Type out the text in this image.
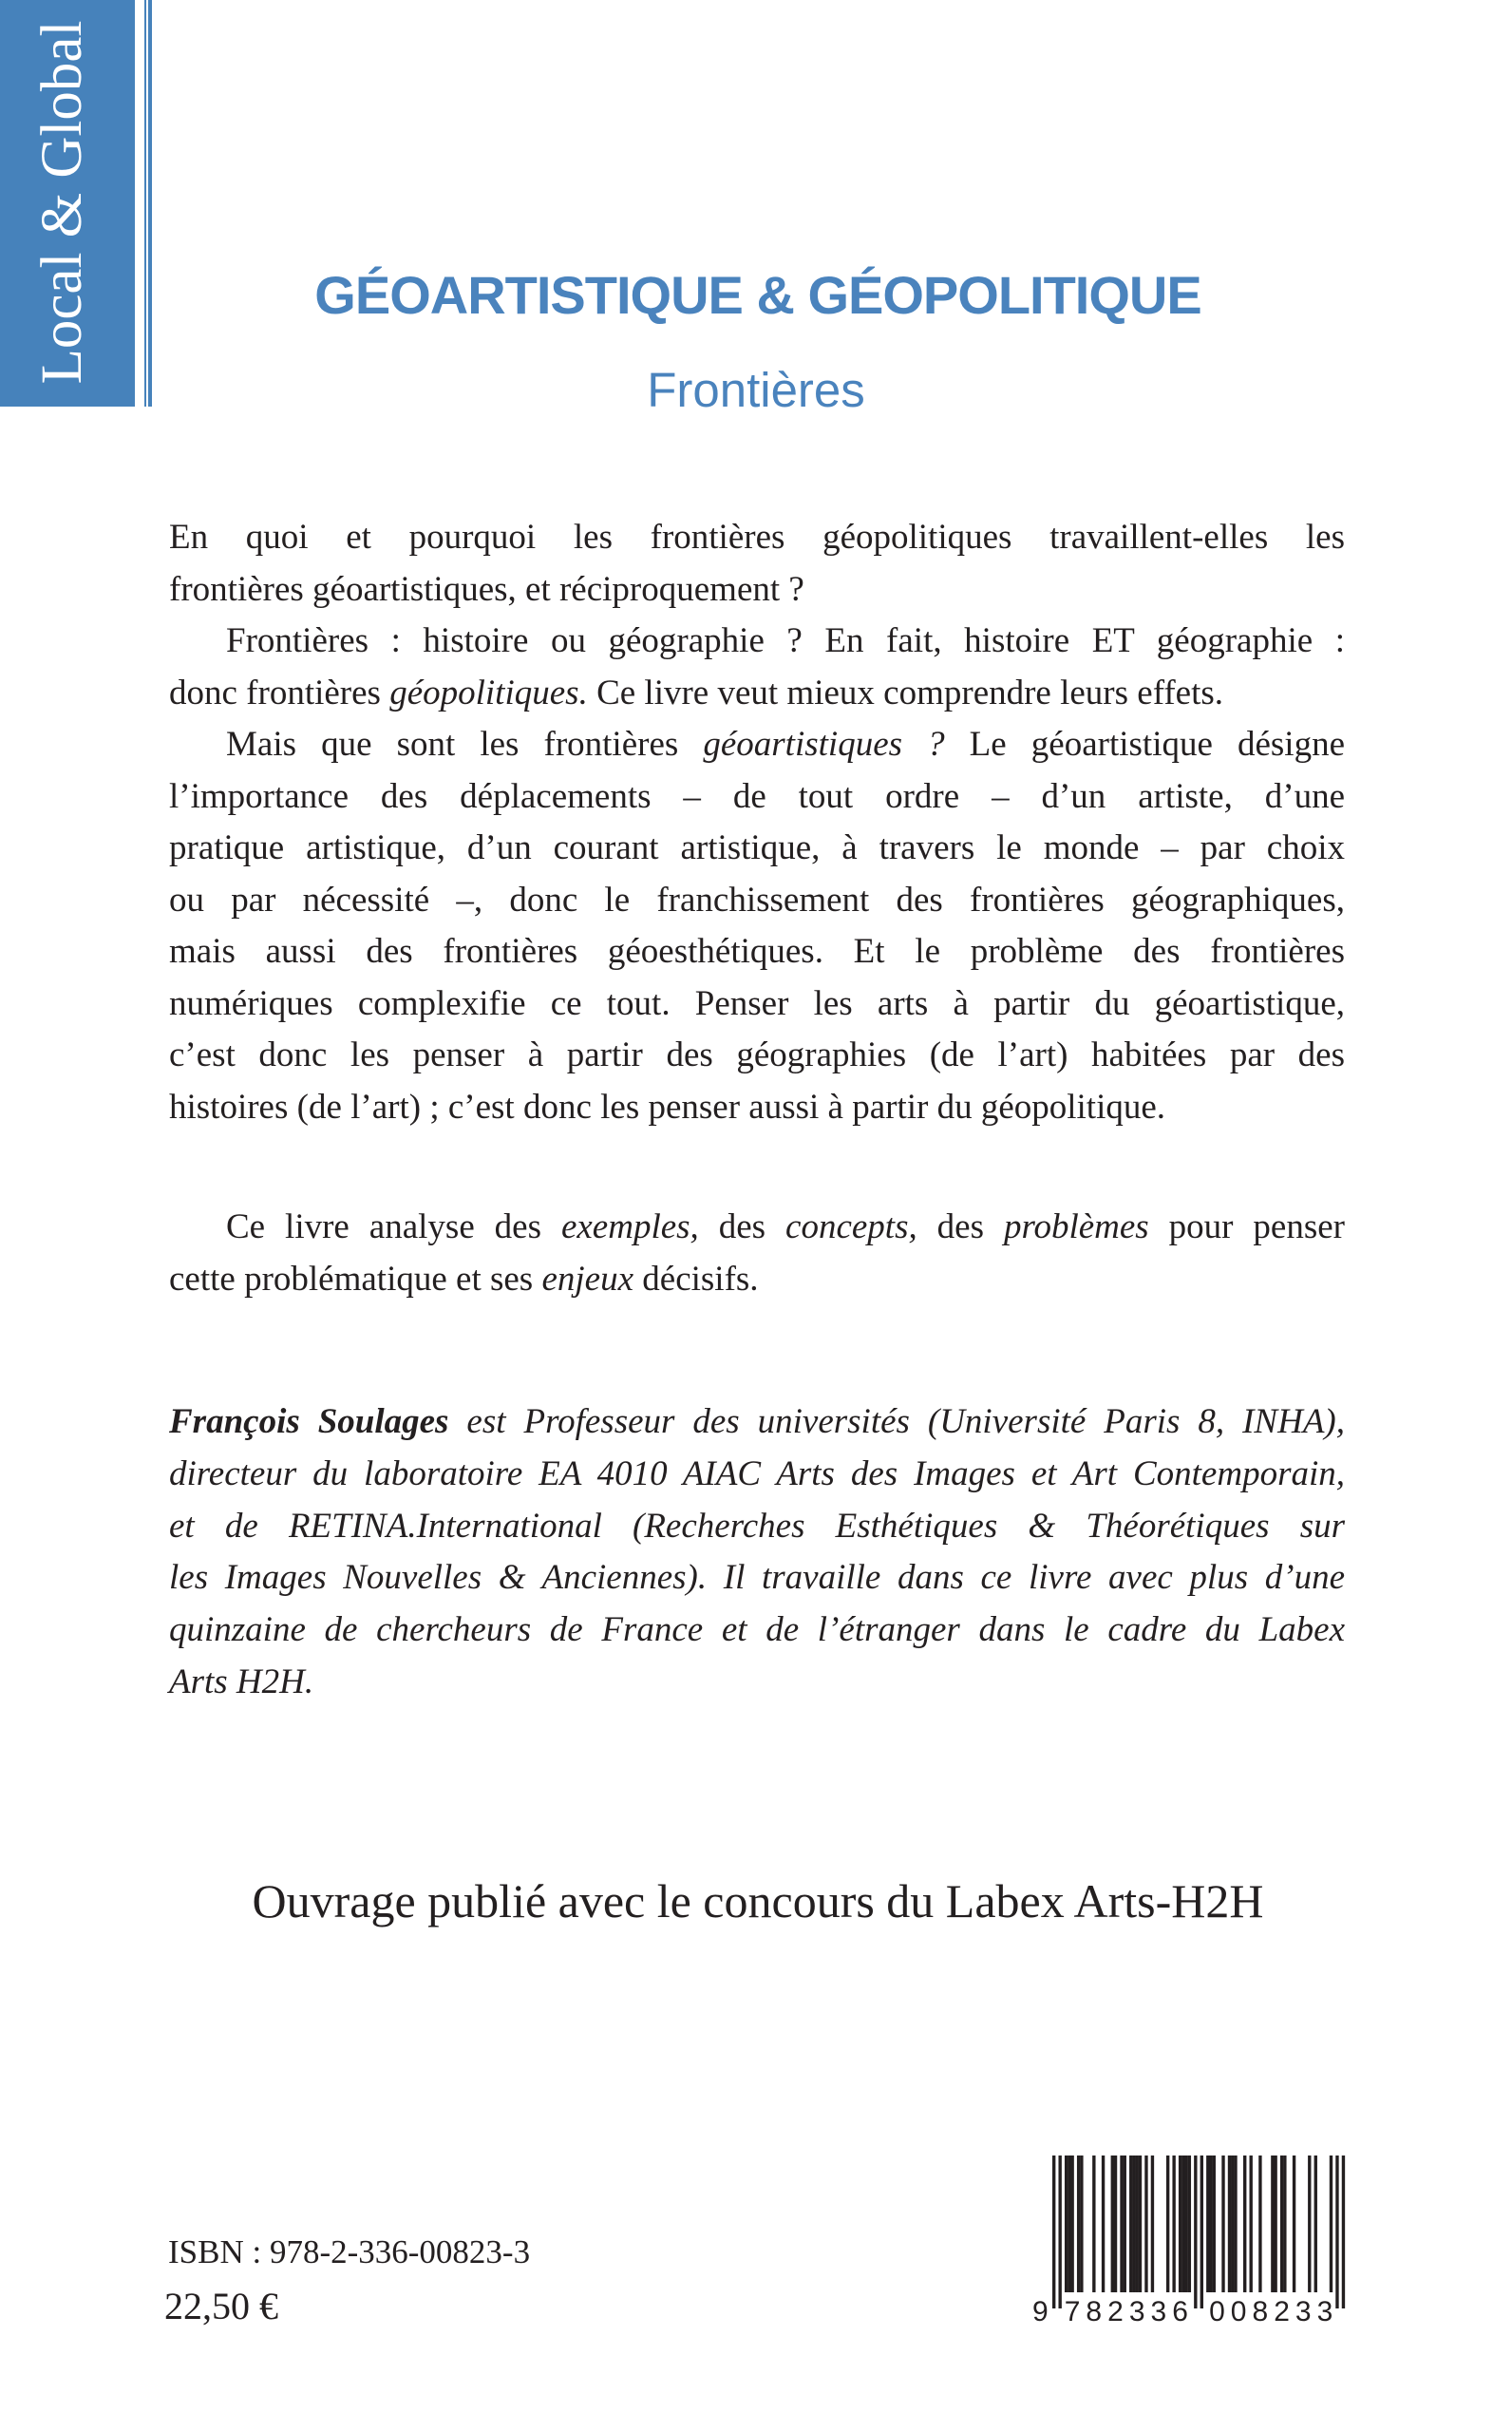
Local & Global	GÉOARTISTIQUE & GÉOPOLITIQUE
Frontières
En quoi et pourquoi les frontières géopolitiques travaillent-elles les
frontières géoartistiques, et réciproquement ?
Frontières : histoire ou géographie ? En fait, histoire ET géographie :
donc frontières géopolitiques. Ce livre veut mieux comprendre leurs effets.
Mais que sont les frontières géoartistiques ? Le géoartistique désigne
l’importance des déplacements – de tout ordre – d’un artiste, d’une
pratique artistique, d’un courant artistique, à travers le monde – par choix
ou par nécessité –, donc le franchissement des frontières géographiques,
mais aussi des frontières géoesthétiques. Et le problème des frontières
numériques complexifie ce tout. Penser les arts à partir du géoartistique,
c’est donc les penser à partir des géographies (de l’art) habitées par des
histoires (de l’art) ; c’est donc les penser aussi à partir du géopolitique.
Ce livre analyse des exemples, des concepts, des problèmes pour penser
cette problématique et ses enjeux décisifs.
François Soulages est Professeur des universités (Université Paris 8, INHA),
directeur du laboratoire EA 4010 AIAC Arts des Images et Art Contemporain,
et de RETINA.International (Recherches Esthétiques & Théorétiques sur
les Images Nouvelles & Anciennes). Il travaille dans ce livre avec plus d’une
quinzaine de chercheurs de France et de l’étranger dans le cadre du Labex
Arts H2H.
Ouvrage publié avec le concours du Labex Arts-H2H
ISBN : 978-2-336-00823-3
22,50 €	9 7 8 2 3 3 6 0 0 8 2 3 3
